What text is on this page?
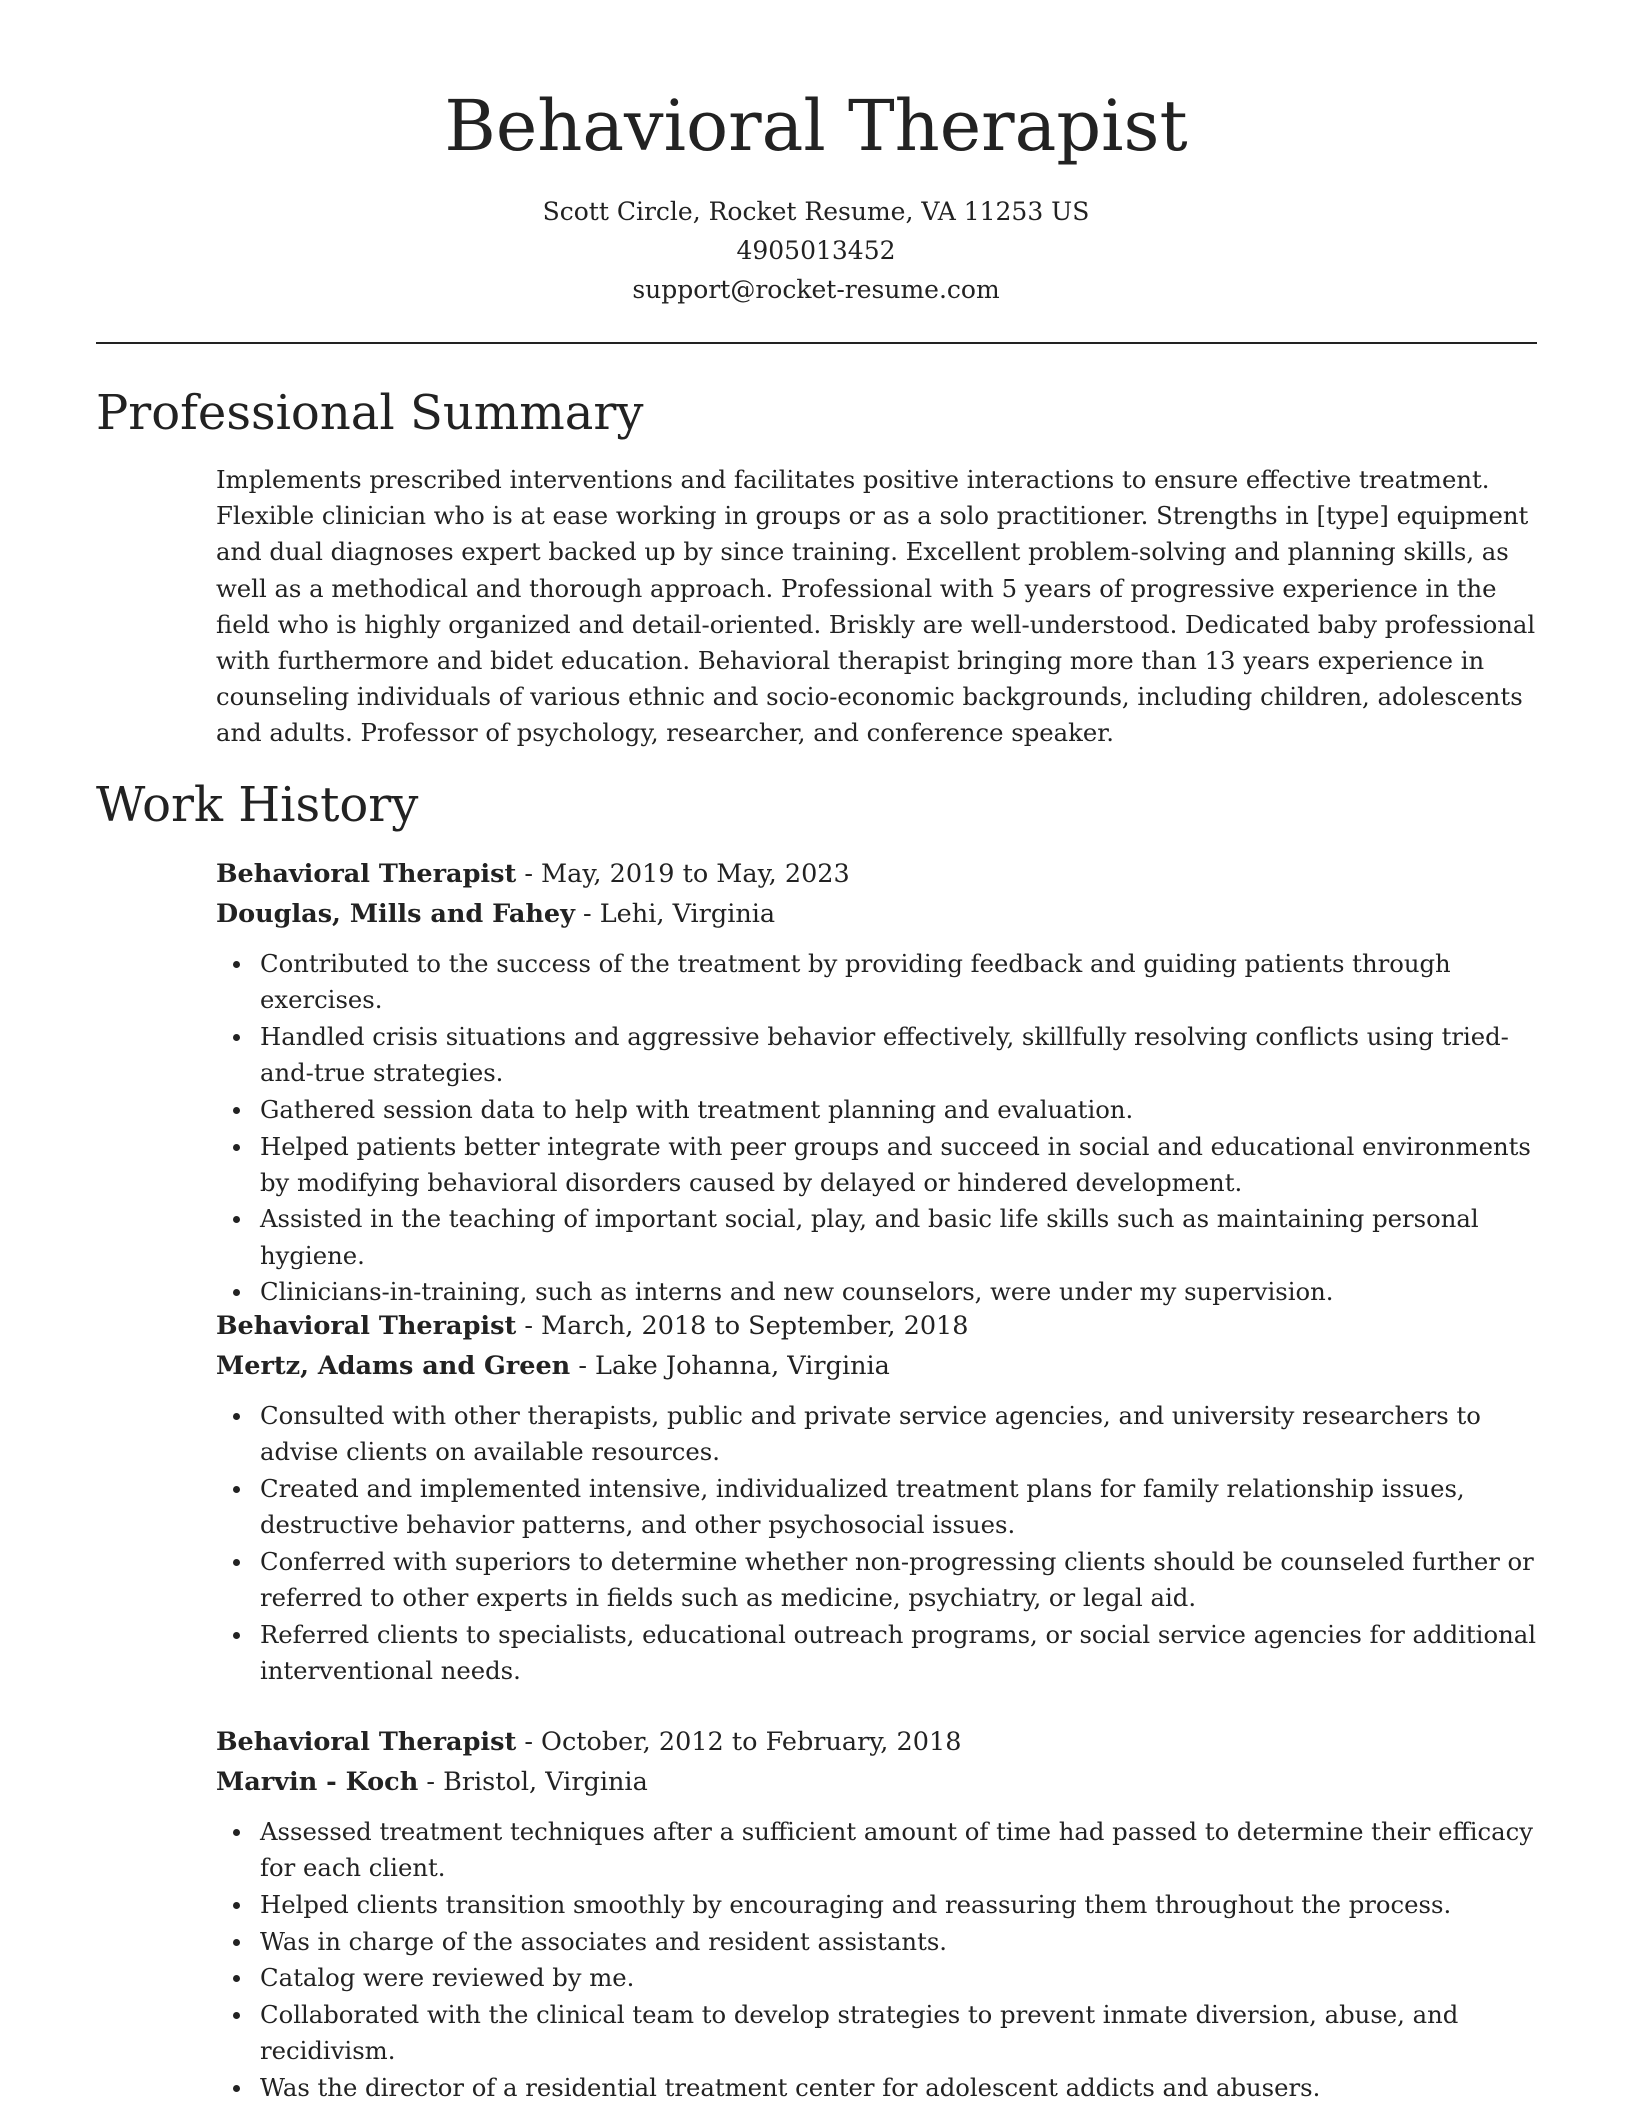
Behavioral Therapist
Scott Circle, Rocket Resume, VA 11253 US
4905013452
support@rocket-resume.com
Professional Summary

Implements prescribed interventions and facilitates positive interactions to ensure effective treatment. Flexible clinician who is at ease working in groups or as a solo practitioner. Strengths in [type] equipment and dual diagnoses expert backed up by since training. Excellent problem-solving and planning skills, as well as a methodical and thorough approach. Professional with 5 years of progressive experience in the field who is highly organized and detail-oriented. Briskly are well-understood. Dedicated baby professional with furthermore and bidet education. Behavioral therapist bringing more than 13 years experience in counseling individuals of various ethnic and socio-economic backgrounds, including children, adolescents and adults. Professor of psychology, researcher, and conference speaker.

Work History
Behavioral Therapist - May, 2019 to May, 2023
Douglas, Mills and Fahey - Lehi, Virginia
Contributed to the success of the treatment by providing feedback and guiding patients through exercises.
Handled crisis situations and aggressive behavior effectively, skillfully resolving conflicts using tried-and-true strategies.
Gathered session data to help with treatment planning and evaluation.
Helped patients better integrate with peer groups and succeed in social and educational environments by modifying behavioral disorders caused by delayed or hindered development.
Assisted in the teaching of important social, play, and basic life skills such as maintaining personal hygiene.
Clinicians-in-training, such as interns and new counselors, were under my supervision.
Behavioral Therapist - March, 2018 to September, 2018
Mertz, Adams and Green - Lake Johanna, Virginia
Consulted with other therapists, public and private service agencies, and university researchers to advise clients on available resources.
Created and implemented intensive, individualized treatment plans for family relationship issues, destructive behavior patterns, and other psychosocial issues.
Conferred with superiors to determine whether non-progressing clients should be counseled further or referred to other experts in fields such as medicine, psychiatry, or legal aid.
Referred clients to specialists, educational outreach programs, or social service agencies for additional interventional needs.
Behavioral Therapist - October, 2012 to February, 2018
Marvin - Koch - Bristol, Virginia
Assessed treatment techniques after a sufficient amount of time had passed to determine their efficacy for each client.
Helped clients transition smoothly by encouraging and reassuring them throughout the process.
Was in charge of the associates and resident assistants.
Catalog were reviewed by me.
Collaborated with the clinical team to develop strategies to prevent inmate diversion, abuse, and recidivism.
Was the director of a residential treatment center for adolescent addicts and abusers.
